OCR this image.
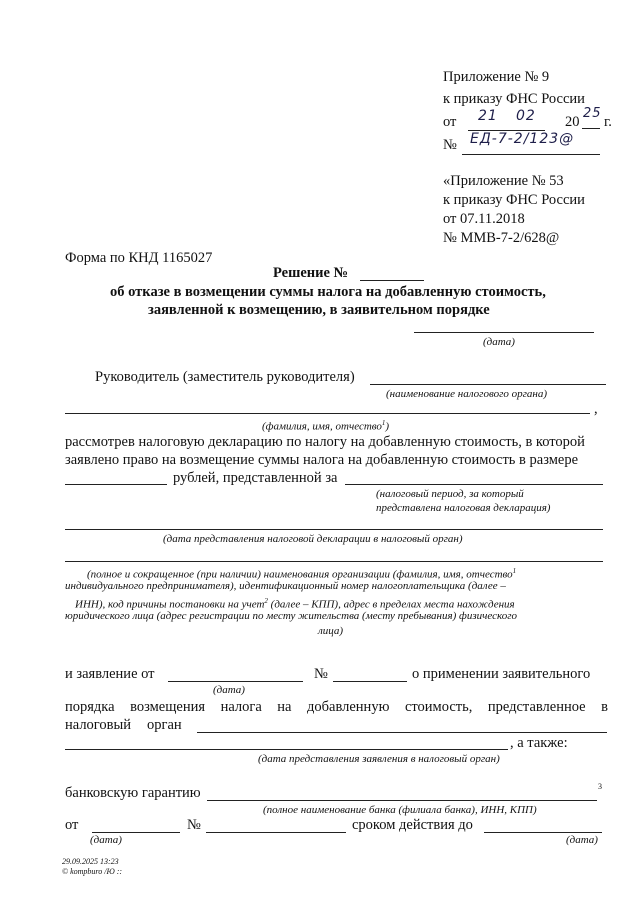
Приложение № 9
к приказу ФНС России
от 21 02 20
25
г.
№ ЕД-7-2/123@
«Приложение № 53
к приказу ФНС России
от 07.11.2018
№ ММВ-7-2/628@
Форма по КНД 1165027
Решение №
об отказе в возмещении суммы налога на добавленную стоимость,
заявленной к возмещению, в заявительном порядке
(дата)
Руководитель (заместитель руководителя)
(наименование налогового органа)
,
(фамилия, имя, отчество$^1$)
рассмотрев налоговую декларацию по налогу на добавленную стоимость, в которой
заявлено право на возмещение суммы налога на добавленную стоимость в размере
рублей, представленной за
(налоговый период, за который
представлена налоговая декларация)
(дата представления налоговой декларации в налоговый орган)
(полное и сокращенное (при наличии) наименования организации (фамилия, имя, отчество$^1$
индивидуального предпринимателя), идентификационный номер налогоплательщика (далее –
ИНН), код причины постановки на учет$^2$ (далее – КПП), адрес в пределах места нахождения
юридического лица (адрес регистрации по месту жительства (месту пребывания) физического
лица)
и заявление от
(дата)
№	о применении заявительного
порядка возмещения налога на добавленную стоимость, представленное в
налоговый орган
, а также:
(дата представления заявления в налоговый орган)
банковскую гарантию	3
(полное наименование банка (филиала банка), ИНН, КПП)
от
(дата)
№	сроком действия до
(дата)
29.09.2025 13:23
© kompburo /Ю ::
